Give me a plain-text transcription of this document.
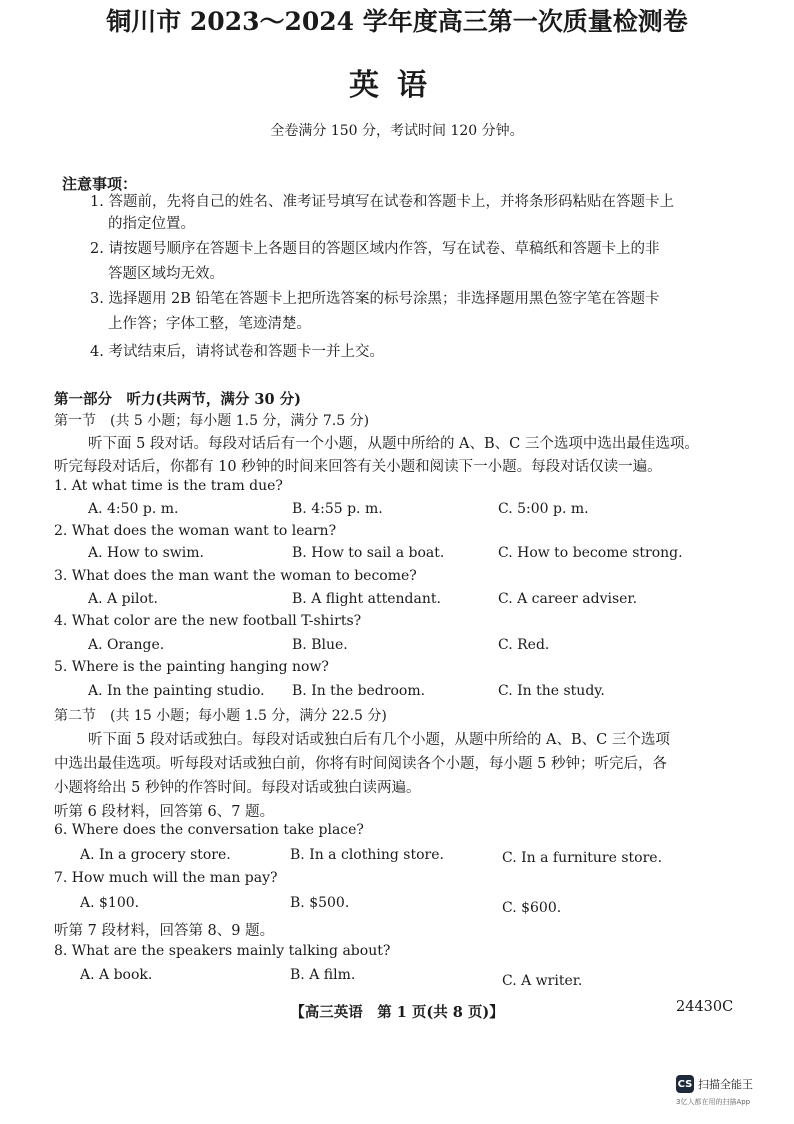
铜川市 2023～2024 学年度高三第一次质量检测卷
英语
全卷满分 150 分，考试时间 120 分钟。
注意事项：
1. 答题前，先将自己的姓名、准考证号填写在试卷和答题卡上，并将条形码粘贴在答题卡上
的指定位置。
2. 请按题号顺序在答题卡上各题目的答题区域内作答，写在试卷、草稿纸和答题卡上的非
答题区域均无效。
3. 选择题用 2B 铅笔在答题卡上把所选答案的标号涂黑；非选择题用黑色签字笔在答题卡
上作答；字体工整，笔迹清楚。
4. 考试结束后，请将试卷和答题卡一并上交。
第一部分　听力(共两节，满分 30 分)
第一节　(共 5 小题；每小题 1.5 分，满分 7.5 分)
听下面 5 段对话。每段对话后有一个小题，从题中所给的 A、B、C 三个选项中选出最佳选项。
听完每段对话后，你都有 10 秒钟的时间来回答有关小题和阅读下一小题。每段对话仅读一遍。
1. At what time is the tram due?
A. 4:50 p. m.	B. 4:55 p. m.	C. 5:00 p. m.
2. What does the woman want to learn?
A. How to swim.	B. How to sail a boat.	C. How to become strong.
3. What does the man want the woman to become?
A. A pilot.	B. A flight attendant.	C. A career adviser.
4. What color are the new football T-shirts?
A. Orange.	B. Blue.	C. Red.
5. Where is the painting hanging now?
A. In the painting studio. B. In the bedroom.	C. In the study.
第二节　(共 15 小题；每小题 1.5 分，满分 22.5 分)
听下面 5 段对话或独白。每段对话或独白后有几个小题，从题中所给的 A、B、C 三个选项
中选出最佳选项。听每段对话或独白前，你将有时间阅读各个小题，每小题 5 秒钟；听完后，各
小题将给出 5 秒钟的作答时间。每段对话或独白读两遍。
听第 6 段材料，回答第 6、7 题。
6. Where does the conversation take place?
A. In a grocery store.	B. In a clothing store.	C. In a furniture store.
7. How much will the man pay?
A. $100.	B. $500.	C. $600.
听第 7 段材料，回答第 8、9 题。
8. What are the speakers mainly talking about?
A. A book.	B. A film.	C. A writer.
【高三英语　第 1 页(共 8 页)】	24430C
CS 扫描全能王
3亿人都在用的扫描App
